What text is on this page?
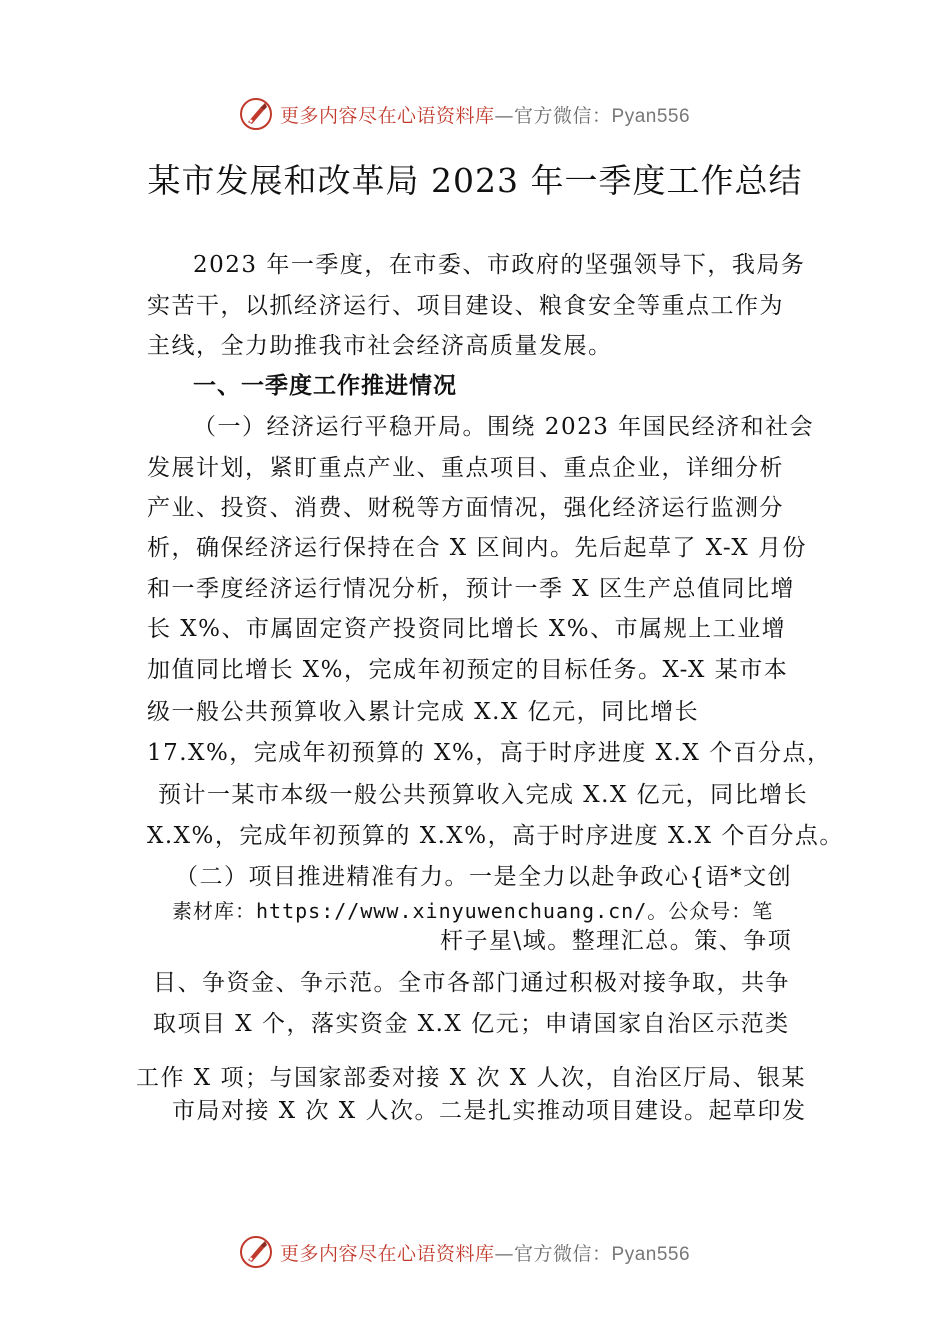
更多内容尽在心语资料库—官方微信：Pyan556
某市发展和改革局 2023 年一季度工作总结
2023 年一季度，在市委、市政府的坚强领导下，我局务
实苦干，以抓经济运行、项目建设、粮食安全等重点工作为
主线，全力助推我市社会经济高质量发展。
一、一季度工作推进情况
（一）经济运行平稳开局。围绕 2023 年国民经济和社会
发展计划，紧盯重点产业、重点项目、重点企业，详细分析
产业、投资、消费、财税等方面情况，强化经济运行监测分
析，确保经济运行保持在合 X 区间内。先后起草了 X-X 月份
和一季度经济运行情况分析，预计一季 X 区生产总值同比增
长 X%、市属固定资产投资同比增长 X%、市属规上工业增
加值同比增长 X%，完成年初预定的目标任务。X-X 某市本
级一般公共预算收入累计完成 X.X 亿元，同比增长
17.X%，完成年初预算的 X%，高于时序进度 X.X 个百分点，
预计一某市本级一般公共预算收入完成 X.X 亿元，同比增长
X.X%，完成年初预算的 X.X%，高于时序进度 X.X 个百分点。
（二）项目推进精准有力。一是全力以赴争政心{语*文创
素材库：https://www.xinyuwenchuang.cn/。公众号：笔
杆子星\域。整理汇总。策、争项
目、争资金、争示范。全市各部门通过积极对接争取，共争
取项目 X 个，落实资金 X.X 亿元；申请国家自治区示范类
工作 X 项；与国家部委对接 X 次 X 人次，自治区厅局、银某
市局对接 X 次 X 人次。二是扎实推动项目建设。起草印发
更多内容尽在心语资料库—官方微信：Pyan556
